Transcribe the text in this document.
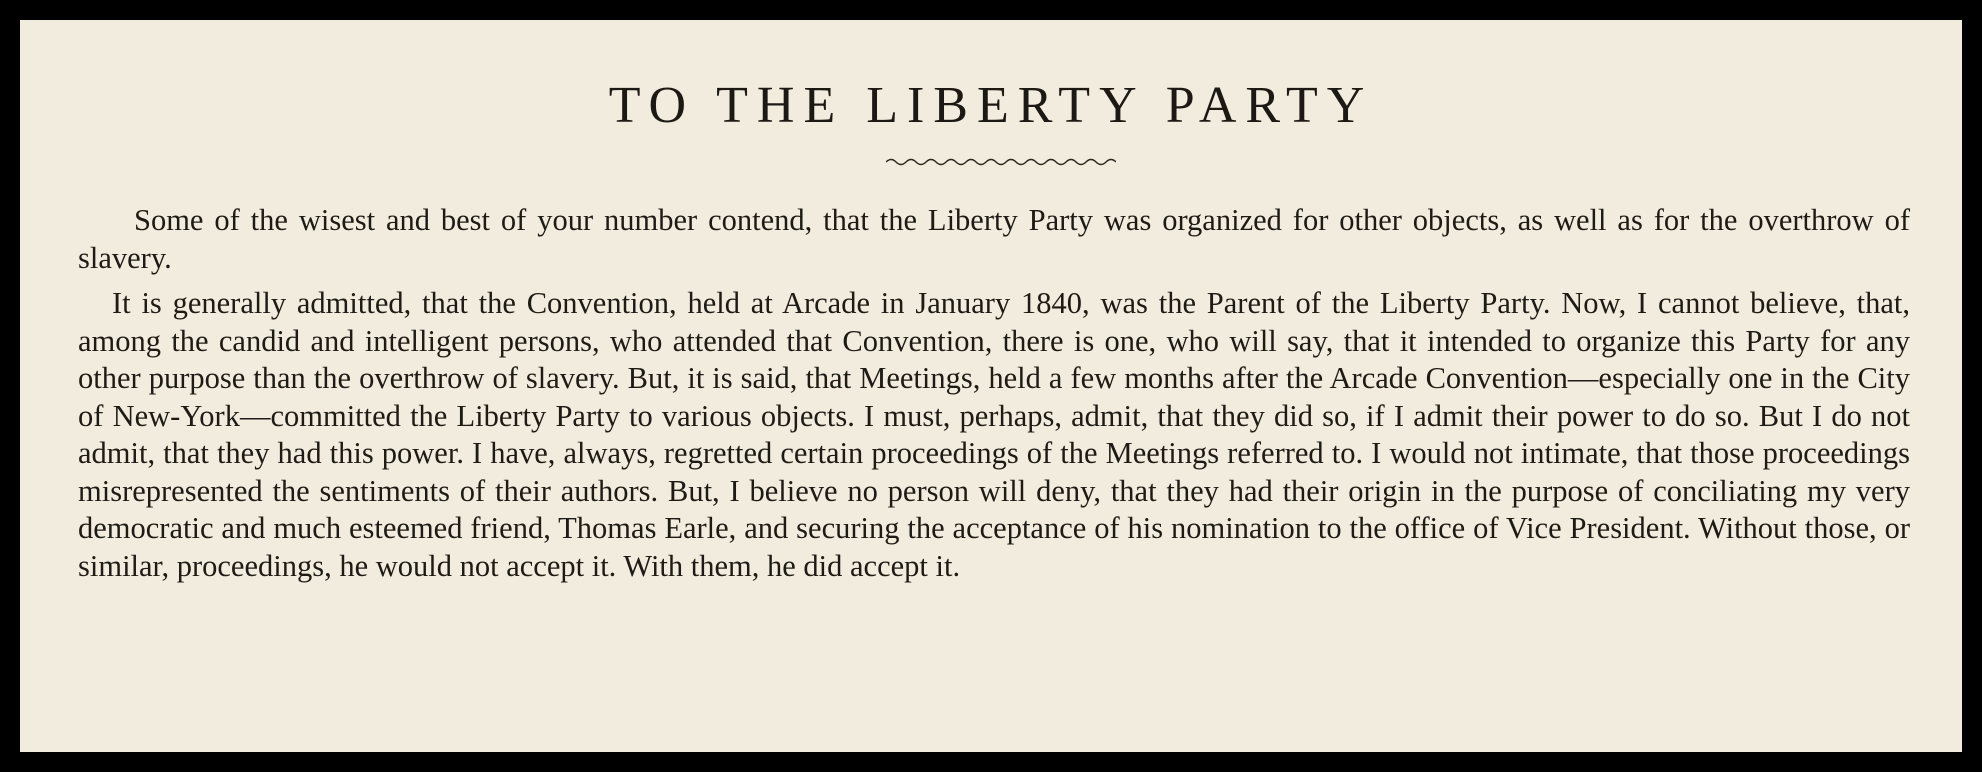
TO THE LIBERTY PARTY

Some of the wisest and best of your number contend, that the Liberty Party was organized for other objects, as well as for the overthrow of slavery.

It is generally admitted, that the Convention, held at Arcade in January 1840, was the Parent of the Liberty Party. Now, I cannot believe, that, among the candid and intelligent persons, who attended that Convention, there is one, who will say, that it intended to organize this Party for any other purpose than the overthrow of slavery. But, it is said, that Meetings, held a few months after the Arcade Convention—especially one in the City of New-York—committed the Liberty Party to various objects. I must, perhaps, admit, that they did so, if I admit their power to do so. But I do not admit, that they had this power. I have, always, regretted certain proceedings of the Meetings referred to. I would not intimate, that those proceedings misrepresented the sentiments of their authors. But, I believe no person will deny, that they had their origin in the purpose of conciliating my very democratic and much esteemed friend, Thomas Earle, and securing the acceptance of his nomination to the office of Vice President. Without those, or similar, proceedings, he would not accept it. With them, he did accept it.
